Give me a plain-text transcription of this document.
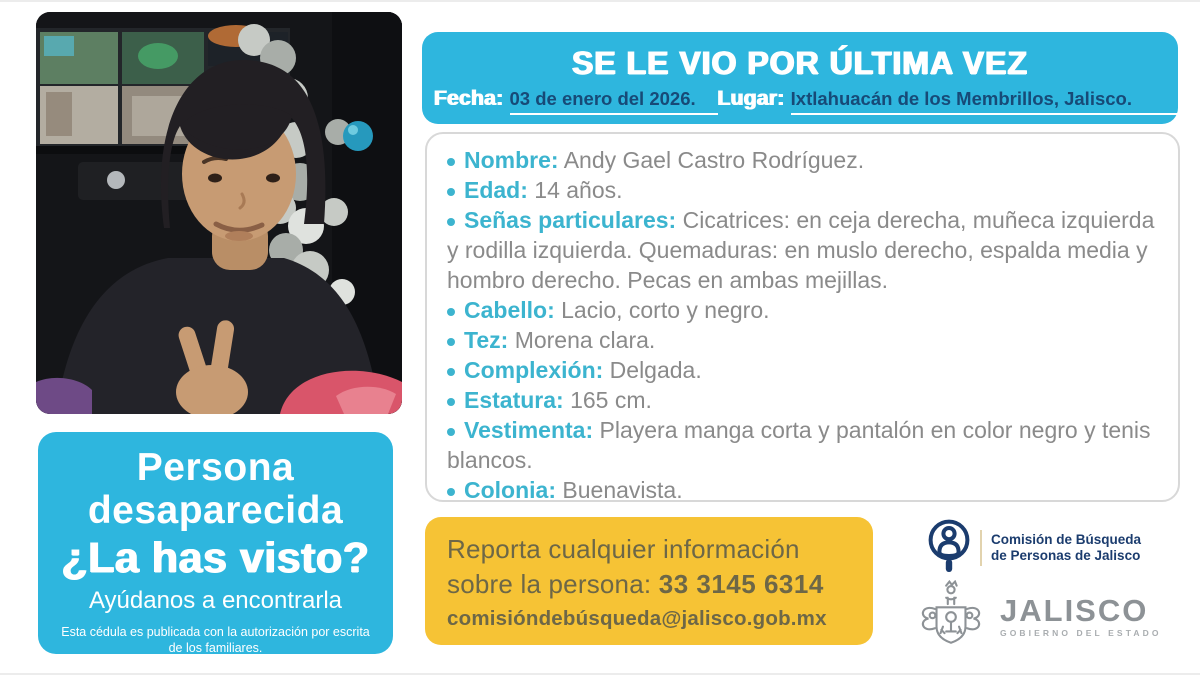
Persona
desaparecida
¿La has visto?
Ayúdanos a encontrarla
Esta cédula es publicada con la autorización por escrita de los familiares.
SE LE VIO POR ÚLTIMA VEZ
Fecha: 03 de enero del 2026.	Lugar: Ixtlahuacán de los Membrillos, Jalisco.
Nombre: Andy Gael Castro Rodríguez.
Edad: 14 años.
Señas particulares: Cicatrices: en ceja derecha, muñeca izquierda y rodilla izquierda. Quemaduras: en muslo derecho, espalda media y hombro derecho. Pecas en ambas mejillas.
Cabello: Lacio, corto y negro.
Tez: Morena clara.
Complexión: Delgada.
Estatura: 165 cm.
Vestimenta: Playera manga corta y pantalón en color negro y tenis blancos.
Colonia: Buenavista.
Reporta cualquier información
sobre la persona: 33 3145 6314
comisióndebúsqueda@jalisco.gob.mx
Comisión de Búsqueda
de Personas de Jalisco
JALISCO
GOBIERNO DEL ESTADO
